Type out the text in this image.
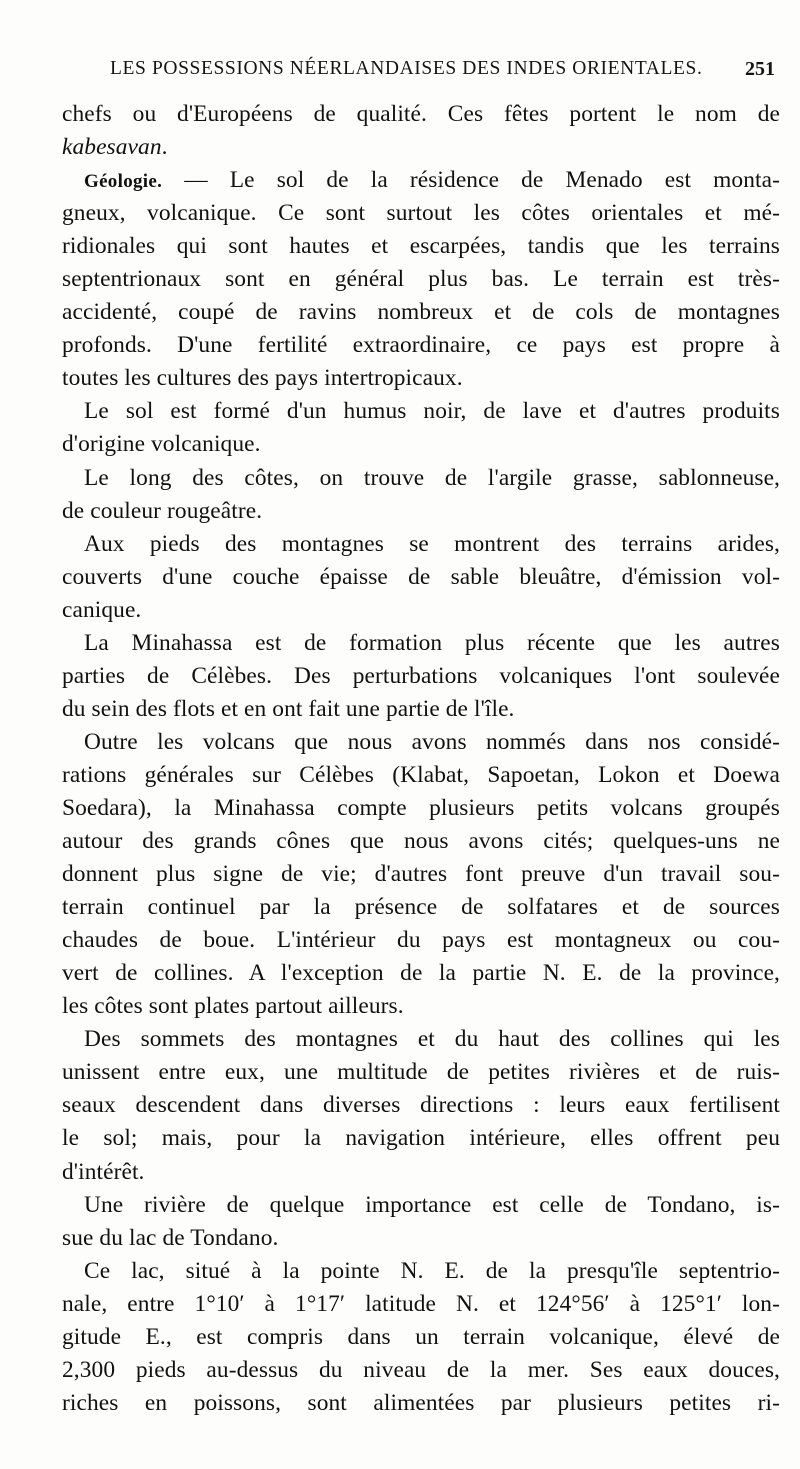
LES POSSESSIONS NÉERLANDAISES DES INDES ORIENTALES. 251
chefs ou d'Européens de qualité. Ces fêtes portent le nom de
kabesavan.
Géologie. — Le sol de la résidence de Menado est monta-
gneux, volcanique. Ce sont surtout les côtes orientales et mé-
ridionales qui sont hautes et escarpées, tandis que les terrains
septentrionaux sont en général plus bas. Le terrain est très-
accidenté, coupé de ravins nombreux et de cols de montagnes
profonds. D'une fertilité extraordinaire, ce pays est propre à
toutes les cultures des pays intertropicaux.
Le sol est formé d'un humus noir, de lave et d'autres produits
d'origine volcanique.
Le long des côtes, on trouve de l'argile grasse, sablonneuse,
de couleur rougeâtre.
Aux pieds des montagnes se montrent des terrains arides,
couverts d'une couche épaisse de sable bleuâtre, d'émission vol-
canique.
La Minahassa est de formation plus récente que les autres
parties de Célèbes. Des perturbations volcaniques l'ont soulevée
du sein des flots et en ont fait une partie de l'île.
Outre les volcans que nous avons nommés dans nos considé-
rations générales sur Célèbes (Klabat, Sapoetan, Lokon et Doewa
Soedara), la Minahassa compte plusieurs petits volcans groupés
autour des grands cônes que nous avons cités; quelques-uns ne
donnent plus signe de vie; d'autres font preuve d'un travail sou-
terrain continuel par la présence de solfatares et de sources
chaudes de boue. L'intérieur du pays est montagneux ou cou-
vert de collines. A l'exception de la partie N. E. de la province,
les côtes sont plates partout ailleurs.
Des sommets des montagnes et du haut des collines qui les
unissent entre eux, une multitude de petites rivières et de ruis-
seaux descendent dans diverses directions : leurs eaux fertilisent
le sol; mais, pour la navigation intérieure, elles offrent peu
d'intérêt.
Une rivière de quelque importance est celle de Tondano, is-
sue du lac de Tondano.
Ce lac, situé à la pointe N. E. de la presqu'île septentrio-
nale, entre 1°10′ à 1°17′ latitude N. et 124°56′ à 125°1′ lon-
gitude E., est compris dans un terrain volcanique, élevé de
2,300 pieds au-dessus du niveau de la mer. Ses eaux douces,
riches en poissons, sont alimentées par plusieurs petites ri-
